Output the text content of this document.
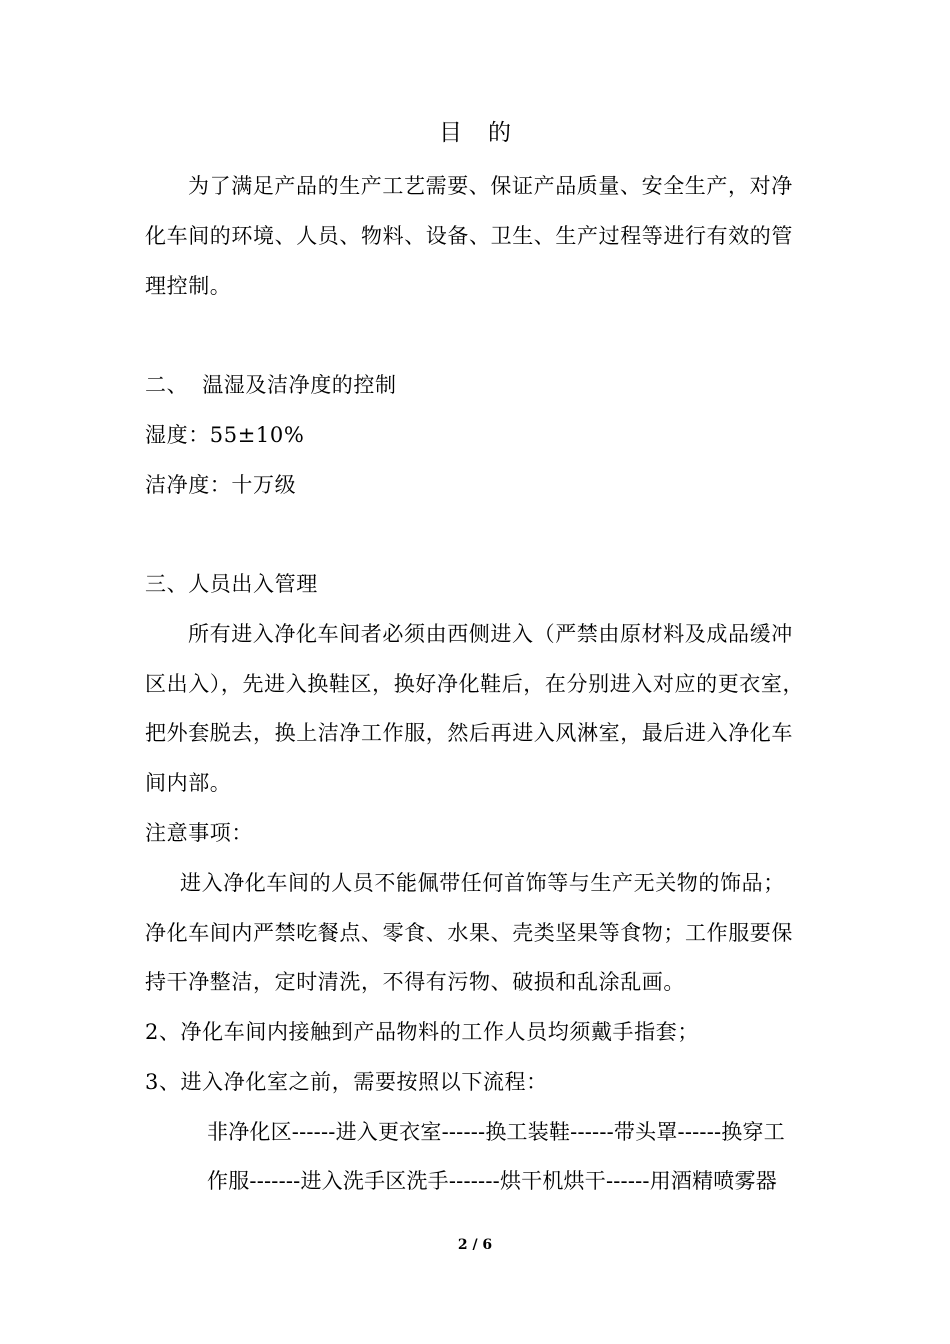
目 的
为了满足产品的生产工艺需要、保证产品质量、安全生产，对净
化车间的环境、人员、物料、设备、卫生、生产过程等进行有效的管
理控制。
二、 温湿及洁净度的控制
湿度：55±10%
洁净度：十万级
三、人员出入管理
所有进入净化车间者必须由西侧进入（严禁由原材料及成品缓冲
区出入），先进入换鞋区，换好净化鞋后，在分别进入对应的更衣室，
把外套脱去，换上洁净工作服，然后再进入风淋室，最后进入净化车
间内部。
注意事项：
进入净化车间的人员不能佩带任何首饰等与生产无关物的饰品；
净化车间内严禁吃餐点、零食、水果、壳类坚果等食物；工作服要保
持干净整洁，定时清洗，不得有污物、破损和乱涂乱画。
2、净化车间内接触到产品物料的工作人员均须戴手指套；
3、进入净化室之前，需要按照以下流程：
非净化区------进入更衣室------换工装鞋------带头罩------换穿工
作服-------进入洗手区洗手-------烘干机烘干------用酒精喷雾器
2 / 6
